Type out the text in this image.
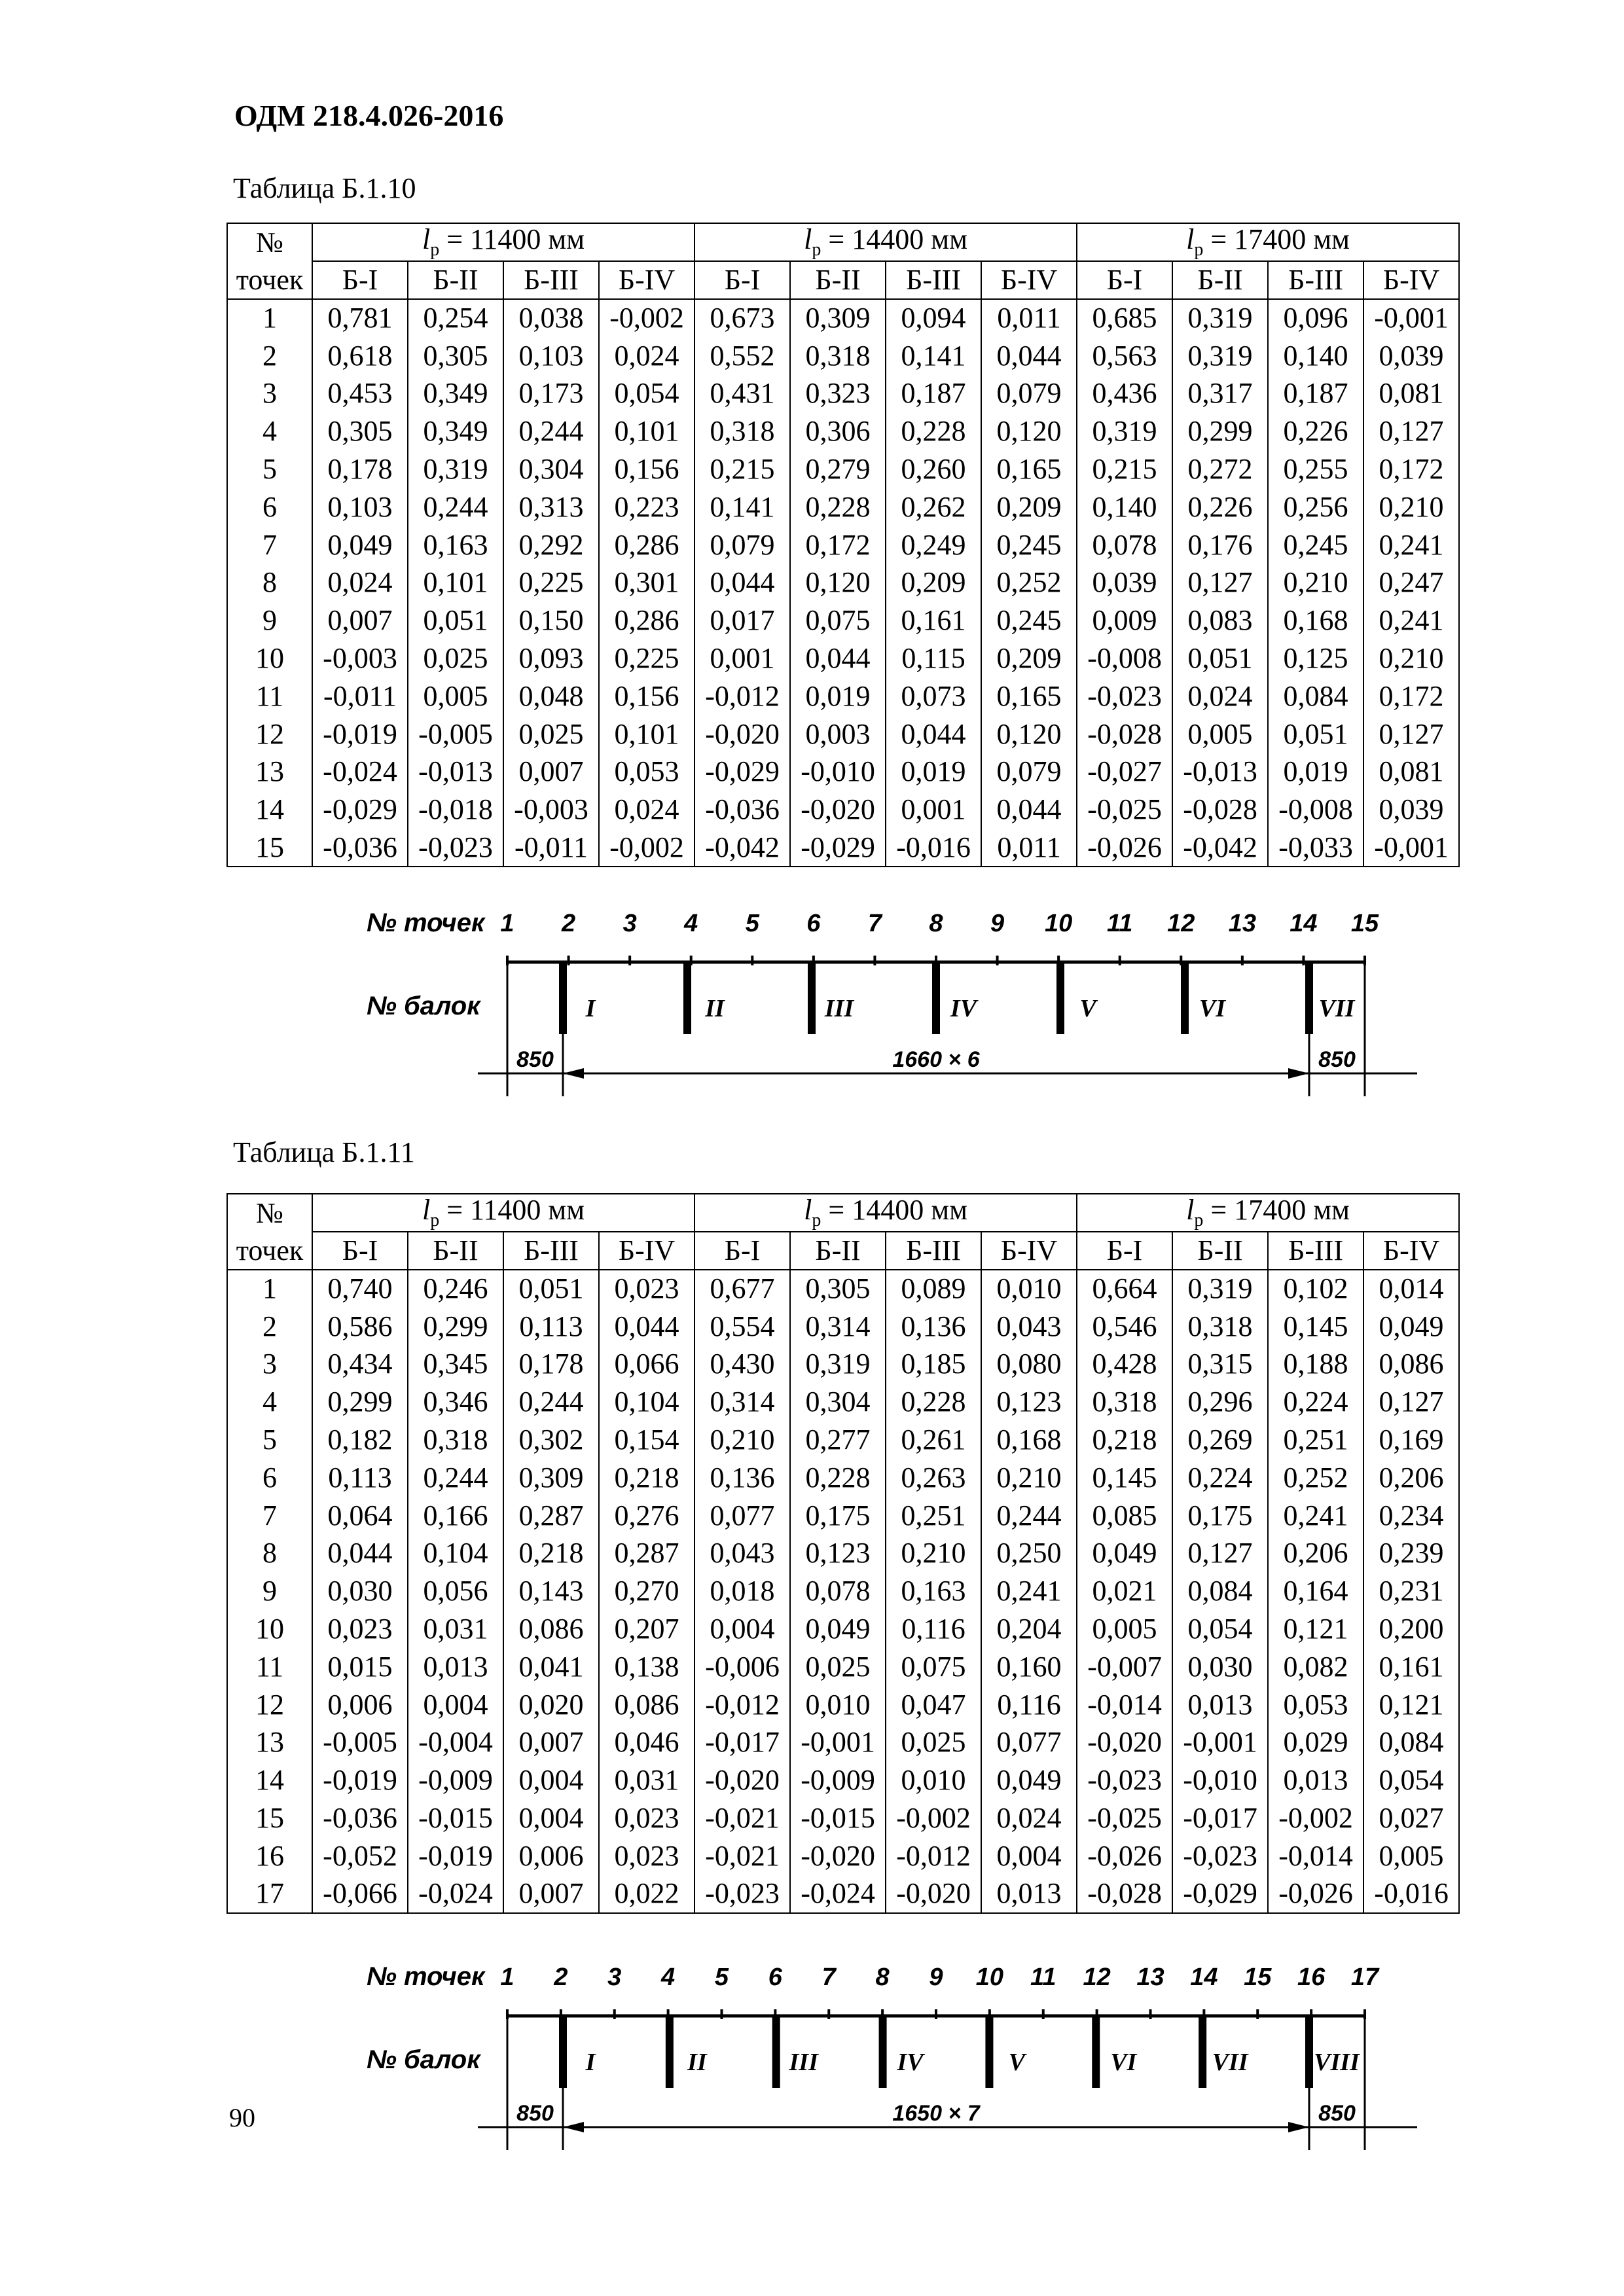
ОДМ 218.4.026-2016
Таблица Б.1.10
№	$l_р = 11400$ мм				$l_р = 14400$ мм				$l_р = 17400$ мм			
точек	Б-I	Б-II	Б-III	Б-IV	Б-I	Б-II	Б-III	Б-IV	Б-I	Б-II	Б-III	Б-IV
1	0,781	0,254	0,038	-0,002	0,673	0,309	0,094	0,011	0,685	0,319	0,096	-0,001
2	0,618	0,305	0,103	0,024	0,552	0,318	0,141	0,044	0,563	0,319	0,140	0,039
3	0,453	0,349	0,173	0,054	0,431	0,323	0,187	0,079	0,436	0,317	0,187	0,081
4	0,305	0,349	0,244	0,101	0,318	0,306	0,228	0,120	0,319	0,299	0,226	0,127
5	0,178	0,319	0,304	0,156	0,215	0,279	0,260	0,165	0,215	0,272	0,255	0,172
6	0,103	0,244	0,313	0,223	0,141	0,228	0,262	0,209	0,140	0,226	0,256	0,210
7	0,049	0,163	0,292	0,286	0,079	0,172	0,249	0,245	0,078	0,176	0,245	0,241
8	0,024	0,101	0,225	0,301	0,044	0,120	0,209	0,252	0,039	0,127	0,210	0,247
9	0,007	0,051	0,150	0,286	0,017	0,075	0,161	0,245	0,009	0,083	0,168	0,241
10	-0,003	0,025	0,093	0,225	0,001	0,044	0,115	0,209	-0,008	0,051	0,125	0,210
11	-0,011	0,005	0,048	0,156	-0,012	0,019	0,073	0,165	-0,023	0,024	0,084	0,172
12	-0,019	-0,005	0,025	0,101	-0,020	0,003	0,044	0,120	-0,028	0,005	0,051	0,127
13	-0,024	-0,013	0,007	0,053	-0,029	-0,010	0,019	0,079	-0,027	-0,013	0,019	0,081
14	-0,029	-0,018	-0,003	0,024	-0,036	-0,020	0,001	0,044	-0,025	-0,028	-0,008	0,039
15	-0,036	-0,023	-0,011	-0,002	-0,042	-0,029	-0,016	0,011	-0,026	-0,042	-0,033	-0,001
№ точек
№ балок
1 2 3 4 5 6 7 8 9 10 11 12 13 14 15
I	II	III	IV	V	VI	VII
850	1660 × 6	850
Таблица Б.1.11
№	$l_р = 11400$ мм				$l_р = 14400$ мм				$l_р = 17400$ мм			
точек	Б-I	Б-II	Б-III	Б-IV	Б-I	Б-II	Б-III	Б-IV	Б-I	Б-II	Б-III	Б-IV
1	0,740	0,246	0,051	0,023	0,677	0,305	0,089	0,010	0,664	0,319	0,102	0,014
2	0,586	0,299	0,113	0,044	0,554	0,314	0,136	0,043	0,546	0,318	0,145	0,049
3	0,434	0,345	0,178	0,066	0,430	0,319	0,185	0,080	0,428	0,315	0,188	0,086
4	0,299	0,346	0,244	0,104	0,314	0,304	0,228	0,123	0,318	0,296	0,224	0,127
5	0,182	0,318	0,302	0,154	0,210	0,277	0,261	0,168	0,218	0,269	0,251	0,169
6	0,113	0,244	0,309	0,218	0,136	0,228	0,263	0,210	0,145	0,224	0,252	0,206
7	0,064	0,166	0,287	0,276	0,077	0,175	0,251	0,244	0,085	0,175	0,241	0,234
8	0,044	0,104	0,218	0,287	0,043	0,123	0,210	0,250	0,049	0,127	0,206	0,239
9	0,030	0,056	0,143	0,270	0,018	0,078	0,163	0,241	0,021	0,084	0,164	0,231
10	0,023	0,031	0,086	0,207	0,004	0,049	0,116	0,204	0,005	0,054	0,121	0,200
11	0,015	0,013	0,041	0,138	-0,006	0,025	0,075	0,160	-0,007	0,030	0,082	0,161
12	0,006	0,004	0,020	0,086	-0,012	0,010	0,047	0,116	-0,014	0,013	0,053	0,121
13	-0,005	-0,004	0,007	0,046	-0,017	-0,001	0,025	0,077	-0,020	-0,001	0,029	0,084
14	-0,019	-0,009	0,004	0,031	-0,020	-0,009	0,010	0,049	-0,023	-0,010	0,013	0,054
15	-0,036	-0,015	0,004	0,023	-0,021	-0,015	-0,002	0,024	-0,025	-0,017	-0,002	0,027
16	-0,052	-0,019	0,006	0,023	-0,021	-0,020	-0,012	0,004	-0,026	-0,023	-0,014	0,005
17	-0,066	-0,024	0,007	0,022	-0,023	-0,024	-0,020	0,013	-0,028	-0,029	-0,026	-0,016
№ точек
№ балок
1 2 3 4 5 6 7 8 9 10 11 12 13 14 15 16 17
I	II	III	IV	V	VI	VII	VIII
850	1650 × 7	850
90
